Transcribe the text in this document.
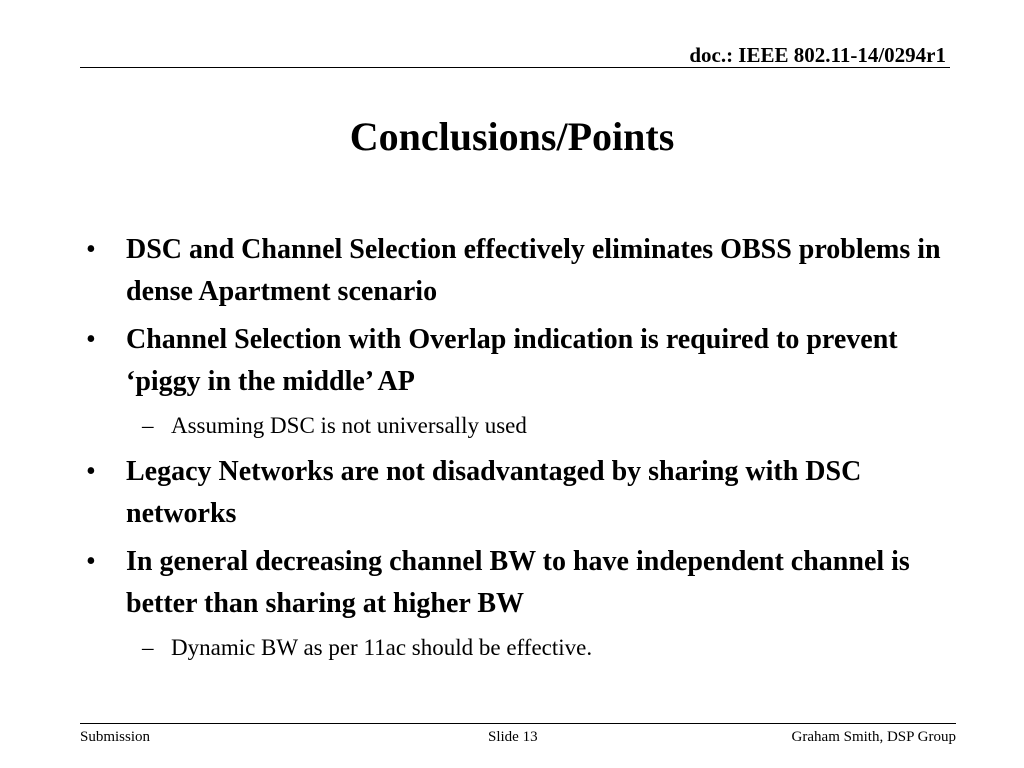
doc.: IEEE 802.11-14/0294r1
Conclusions/Points
• DSC and Channel Selection effectively eliminates OBSS problems in dense Apartment scenario
• Channel Selection with Overlap indication is required to prevent ‘piggy in the middle’ AP
– Assuming DSC is not universally used
• Legacy Networks are not disadvantaged by sharing with DSC networks
• In general decreasing channel BW to have independent channel is better than sharing at higher BW
– Dynamic BW as per 11ac should be effective.
Submission	Slide 13	Graham Smith, DSP Group
